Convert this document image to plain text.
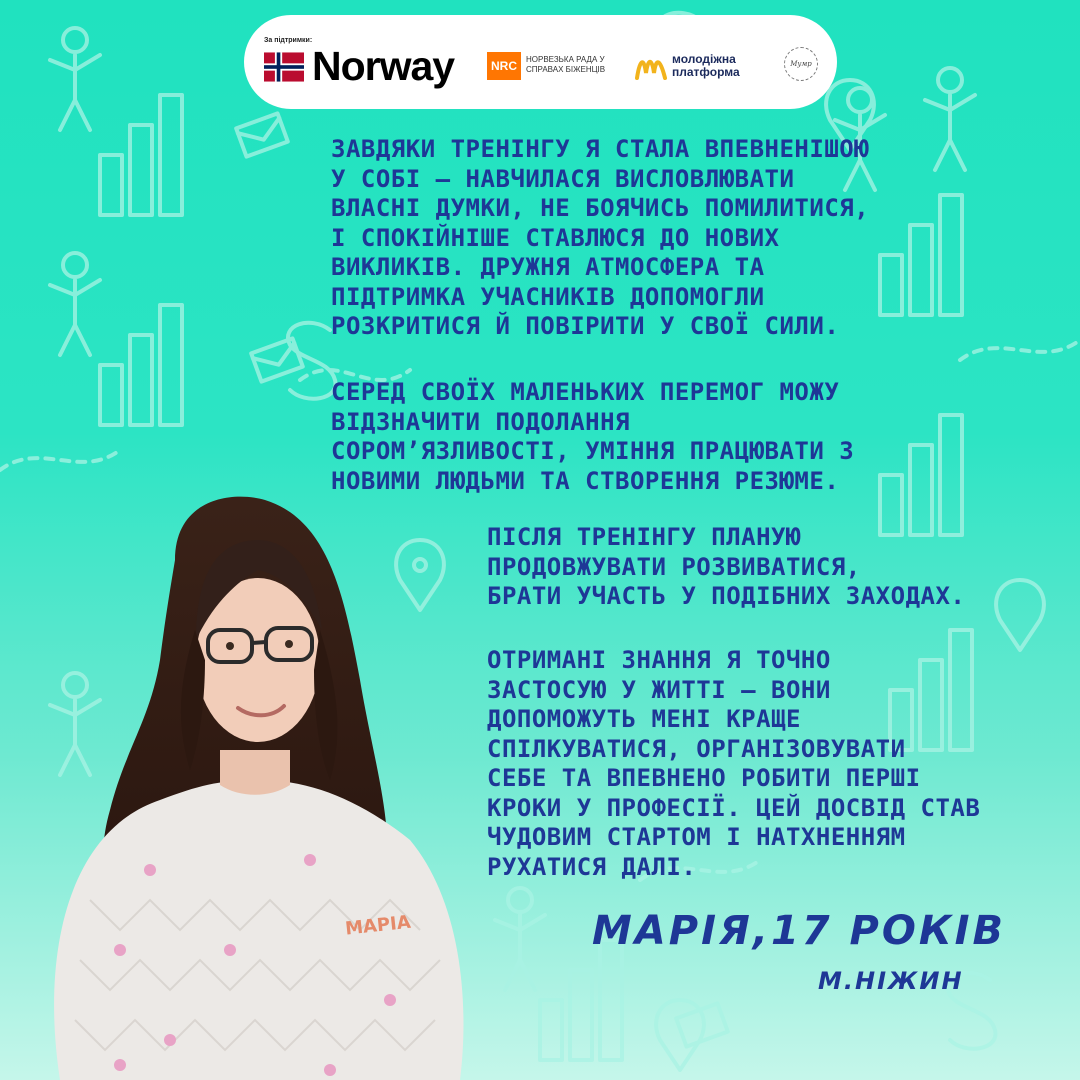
За підтримки:
Norway	NRC	НОРВЕЗЬКА РАДА У
СПРАВАХ БІЖЕНЦІВ
молодіжна
платформа
Mумр
ЗАВДЯКИ ТРЕНІНГУ Я СТАЛА ВПЕВНЕНІШОЮ
У СОБІ — НАВЧИЛАСЯ ВИСЛОВЛЮВАТИ
ВЛАСНІ ДУМКИ, НЕ БОЯЧИСЬ ПОМИЛИТИСЯ,
І СПОКІЙНІШЕ СТАВЛЮСЯ ДО НОВИХ
ВИКЛИКІВ. ДРУЖНЯ АТМОСФЕРА ТА
ПІДТРИМКА УЧАСНИКІВ ДОПОМОГЛИ
РОЗКРИТИСЯ Й ПОВІРИТИ У СВОЇ СИЛИ.
СЕРЕД СВОЇХ МАЛЕНЬКИХ ПЕРЕМОГ МОЖУ
ВІДЗНАЧИТИ ПОДОЛАННЯ
СОРОМ’ЯЗЛИВОСТІ, УМІННЯ ПРАЦЮВАТИ З
НОВИМИ ЛЮДЬМИ ТА СТВОРЕННЯ РЕЗЮМЕ.
ПІСЛЯ ТРЕНІНГУ ПЛАНУЮ
ПРОДОВЖУВАТИ РОЗВИВАТИСЯ,
БРАТИ УЧАСТЬ У ПОДІБНИХ ЗАХОДАХ.
ОТРИМАНІ ЗНАННЯ Я ТОЧНО
ЗАСТОСУЮ У ЖИТТІ — ВОНИ
ДОПОМОЖУТЬ МЕНІ КРАЩЕ
СПІЛКУВАТИСЯ, ОРГАНІЗОВУВАТИ
СЕБЕ ТА ВПЕВНЕНО РОБИТИ ПЕРШІ
КРОКИ У ПРОФЕСІЇ. ЦЕЙ ДОСВІД СТАВ
ЧУДОВИМ СТАРТОМ І НАТХНЕННЯМ
РУХАТИСЯ ДАЛІ.
MAPIA	МАРІЯ,17 РОКІВ
М.НІЖИН
